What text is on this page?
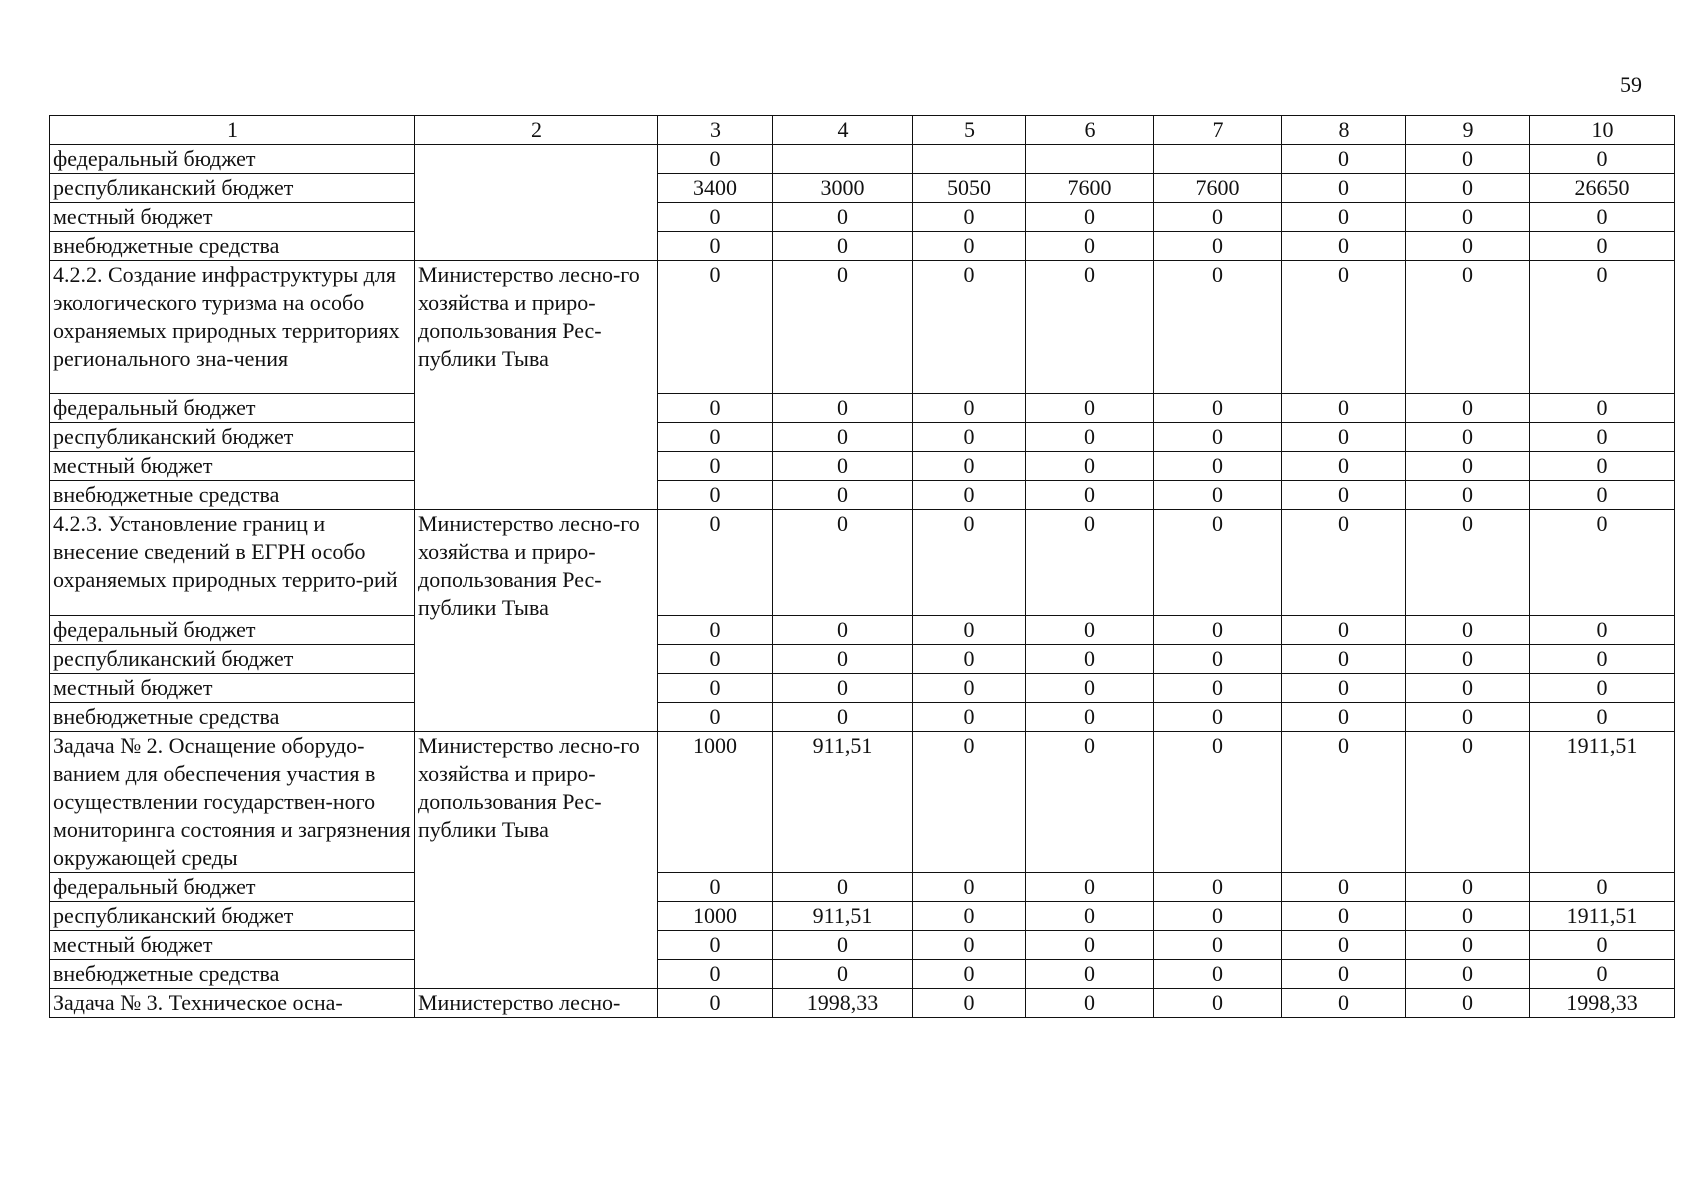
59
1	2	3	4	5	6	7	8	9	10
федеральный бюджет		0					0	0	0
республиканский бюджет		3400	3000	5050	7600	7600	0	0	26650
местный бюджет		0	0	0	0	0	0	0	0
внебюджетные средства		0	0	0	0	0	0	0	0
4.2.2. Создание инфраструктуры для экологического туризма на особо охраняемых природных территориях регионального зна-чения	Министерство лесно-го хозяйства и приро-допользования Рес-публики Тыва	0	0	0	0	0	0	0	0
федеральный бюджет		0	0	0	0	0	0	0	0
республиканский бюджет		0	0	0	0	0	0	0	0
местный бюджет		0	0	0	0	0	0	0	0
внебюджетные средства		0	0	0	0	0	0	0	0
4.2.3. Установление границ и внесение сведений в ЕГРН особо охраняемых природных террито-рий	Министерство лесно-го хозяйства и приро-допользования Рес-публики Тыва	0	0	0	0	0	0	0	0
федеральный бюджет		0	0	0	0	0	0	0	0
республиканский бюджет		0	0	0	0	0	0	0	0
местный бюджет		0	0	0	0	0	0	0	0
внебюджетные средства		0	0	0	0	0	0	0	0
Задача № 2. Оснащение оборудо-ванием для обеспечения участия в осуществлении государствен-ного мониторинга состояния и загрязнения окружающей среды	Министерство лесно-го хозяйства и приро-допользования Рес-публики Тыва	1000	911,51	0	0	0	0	0	1911,51
федеральный бюджет		0	0	0	0	0	0	0	0
республиканский бюджет		1000	911,51	0	0	0	0	0	1911,51
местный бюджет		0	0	0	0	0	0	0	0
внебюджетные средства		0	0	0	0	0	0	0	0
Задача № 3. Техническое осна-	Министерство лесно-	0	1998,33	0	0	0	0	0	1998,33
